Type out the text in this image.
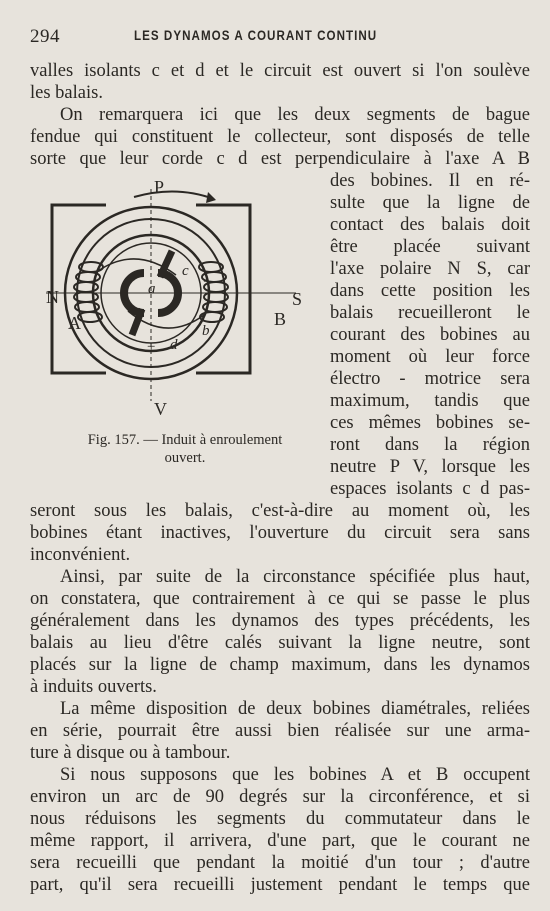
294	LES DYNAMOS A COURANT CONTINU
valles isolants c et d et le circuit est ouvert si l'on soulève
les balais.
On remarquera ici que les deux segments de bague
fendue qui constituent le collecteur, sont disposés de telle
sorte que leur corde c d est perpendiculaire à l'axe A B
des bobines. Il en ré-
sulte que la ligne de
contact des balais doit
être placée suivant
l'axe polaire N S, car
dans cette position les
balais recueilleront le
courant des bobines au
moment où leur force
électro - motrice sera
maximum, tandis que
ces mêmes bobines se-
ront dans la région
neutre P V, lorsque les
espaces isolants c d pas-
P
V
N	S
A	B
a
b
c
d
+
–
Fig. 157. — Induit à enroulement
ouvert.
seront sous les balais, c'est-à-dire au moment où, les
bobines étant inactives, l'ouverture du circuit sera sans
inconvénient.
Ainsi, par suite de la circonstance spécifiée plus haut,
on constatera, que contrairement à ce qui se passe le plus
généralement dans les dynamos des types précédents, les
balais au lieu d'être calés suivant la ligne neutre, sont
placés sur la ligne de champ maximum, dans les dynamos
à induits ouverts.
La même disposition de deux bobines diamétrales, reliées
en série, pourrait être aussi bien réalisée sur une arma-
ture à disque ou à tambour.
Si nous supposons que les bobines A et B occupent
environ un arc de 90 degrés sur la circonférence, et si
nous réduisons les segments du commutateur dans le
même rapport, il arrivera, d'une part, que le courant ne
sera recueilli que pendant la moitié d'un tour ; d'autre
part, qu'il sera recueilli justement pendant le temps que
